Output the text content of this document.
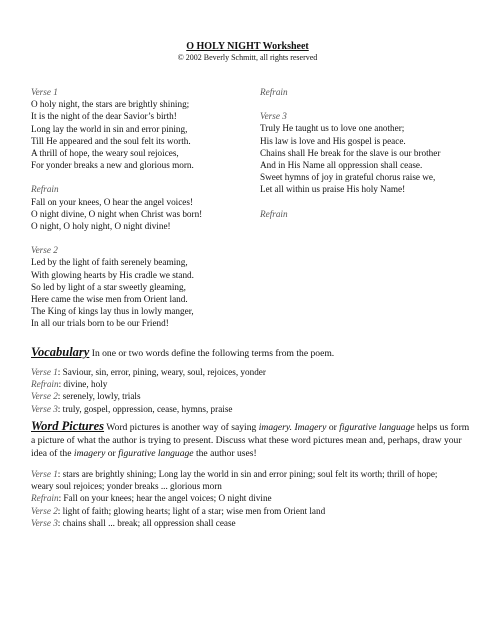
O HOLY NIGHT Worksheet
© 2002 Beverly Schmitt, all rights reserved
Verse 1
O holy night, the stars are brightly shining;
It is the night of the dear Savior’s birth!
Long lay the world in sin and error pining,
Till He appeared and the soul felt its worth.
A thrill of hope, the weary soul rejoices,
For yonder breaks a new and glorious morn.
Refrain
Fall on your knees, O hear the angel voices!
O night divine, O night when Christ was born!
O night, O holy night, O night divine!
Verse 2
Led by the light of faith serenely beaming,
With glowing hearts by His cradle we stand.
So led by light of a star sweetly gleaming,
Here came the wise men from Orient land.
The King of kings lay thus in lowly manger,
In all our trials born to be our Friend!
Refrain
Verse 3
Truly He taught us to love one another;
His law is love and His gospel is peace.
Chains shall He break for the slave is our brother
And in His Name all oppression shall cease.
Sweet hymns of joy in grateful chorus raise we,
Let all within us praise His holy Name!
Refrain
Vocabulary In one or two words define the following terms from the poem.
Verse 1: Saviour, sin, error, pining, weary, soul, rejoices, yonder
Refrain: divine, holy
Verse 2: serenely, lowly, trials
Verse 3: truly, gospel, oppression, cease, hymns, praise
Word Pictures Word pictures is another way of saying imagery. Imagery or figurative language helps us form a picture of what the author is trying to present. Discuss what these word pictures mean and, perhaps, draw your idea of the imagery or figurative language the author uses!
Verse 1: stars are brightly shining; Long lay the world in sin and error pining; soul felt its worth; thrill of hope;
weary soul rejoices; yonder breaks ... glorious morn
Refrain: Fall on your knees; hear the angel voices; O night divine
Verse 2: light of faith; glowing hearts; light of a star; wise men from Orient land
Verse 3: chains shall ... break; all oppression shall cease
